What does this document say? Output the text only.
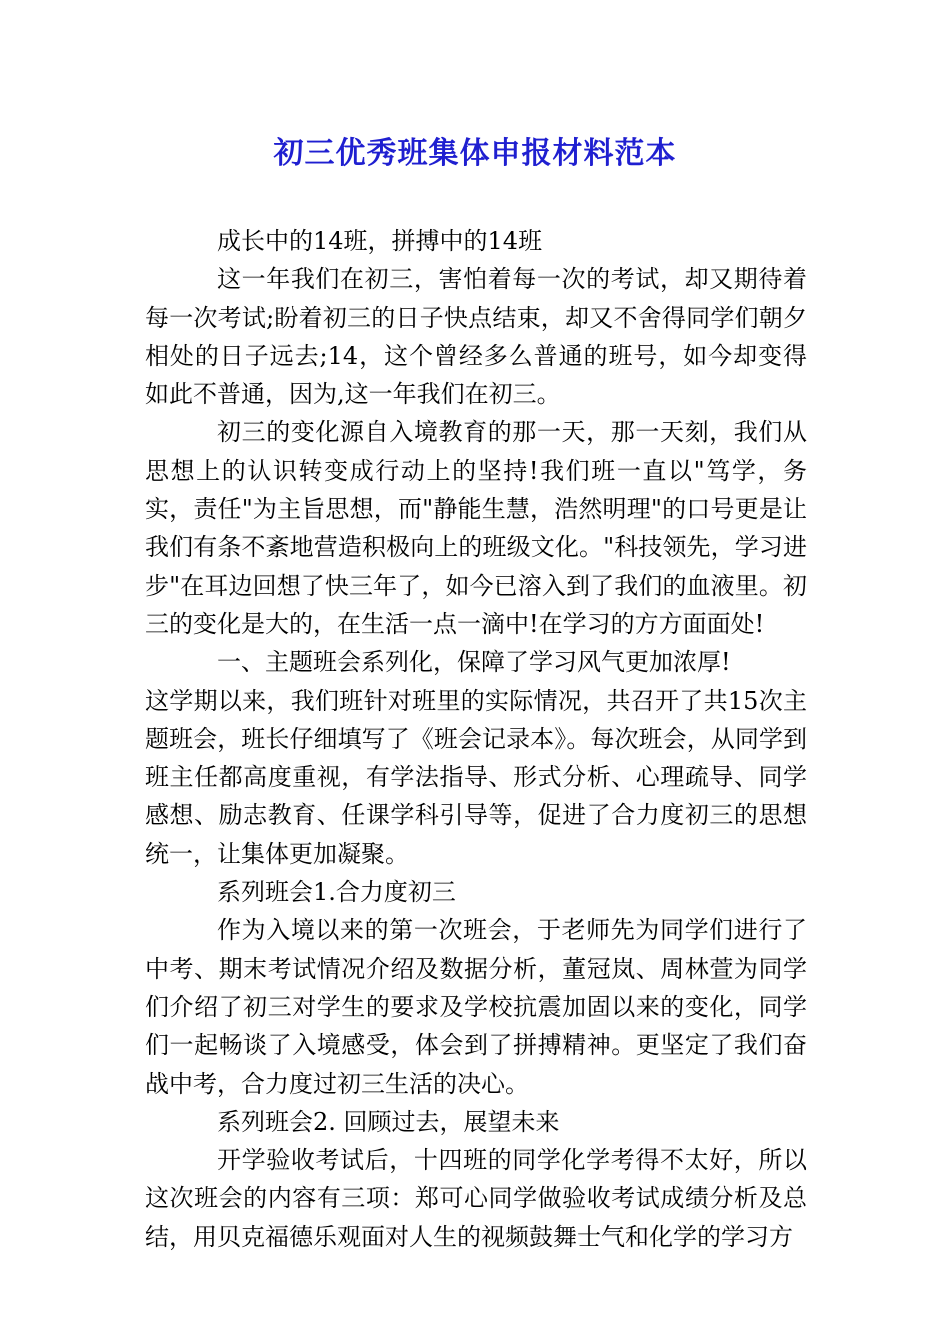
初三优秀班集体申报材料范本

成长中的14班，拼搏中的14班

这一年我们在初三，害怕着每一次的考试，却又期待着每一次考试;盼着初三的日子快点结束，却又不舍得同学们朝夕相处的日子远去;14，这个曾经多么普通的班号，如今却变得如此不普通，因为,这一年我们在初三。

初三的变化源自入境教育的那一天，那一天刻，我们从思想上的认识转变成行动上的坚持!我们班一直以"笃学，务实，责任"为主旨思想，而"静能生慧，浩然明理"的口号更是让我们有条不紊地营造积极向上的班级文化。"科技领先，学习进步"在耳边回想了快三年了，如今已溶入到了我们的血液里。初三的变化是大的，在生活一点一滴中!在学习的方方面面处!

一、主题班会系列化，保障了学习风气更加浓厚!

这学期以来，我们班针对班里的实际情况，共召开了共15次主题班会，班长仔细填写了《班会记录本》。每次班会，从同学到班主任都高度重视，有学法指导、形式分析、心理疏导、同学感想、励志教育、任课学科引导等，促进了合力度初三的思想统一，让集体更加凝聚。

系列班会1.合力度初三

作为入境以来的第一次班会，于老师先为同学们进行了中考、期末考试情况介绍及数据分析，董冠岚、周林萱为同学们介绍了初三对学生的要求及学校抗震加固以来的变化，同学们一起畅谈了入境感受，体会到了拼搏精神。更坚定了我们奋战中考，合力度过初三生活的决心。

系列班会2. 回顾过去，展望未来

开学验收考试后，十四班的同学化学考得不太好，所以这次班会的内容有三项：郑可心同学做验收考试成绩分析及总结，用贝克福德乐观面对人生的视频鼓舞士气和化学的学习方
